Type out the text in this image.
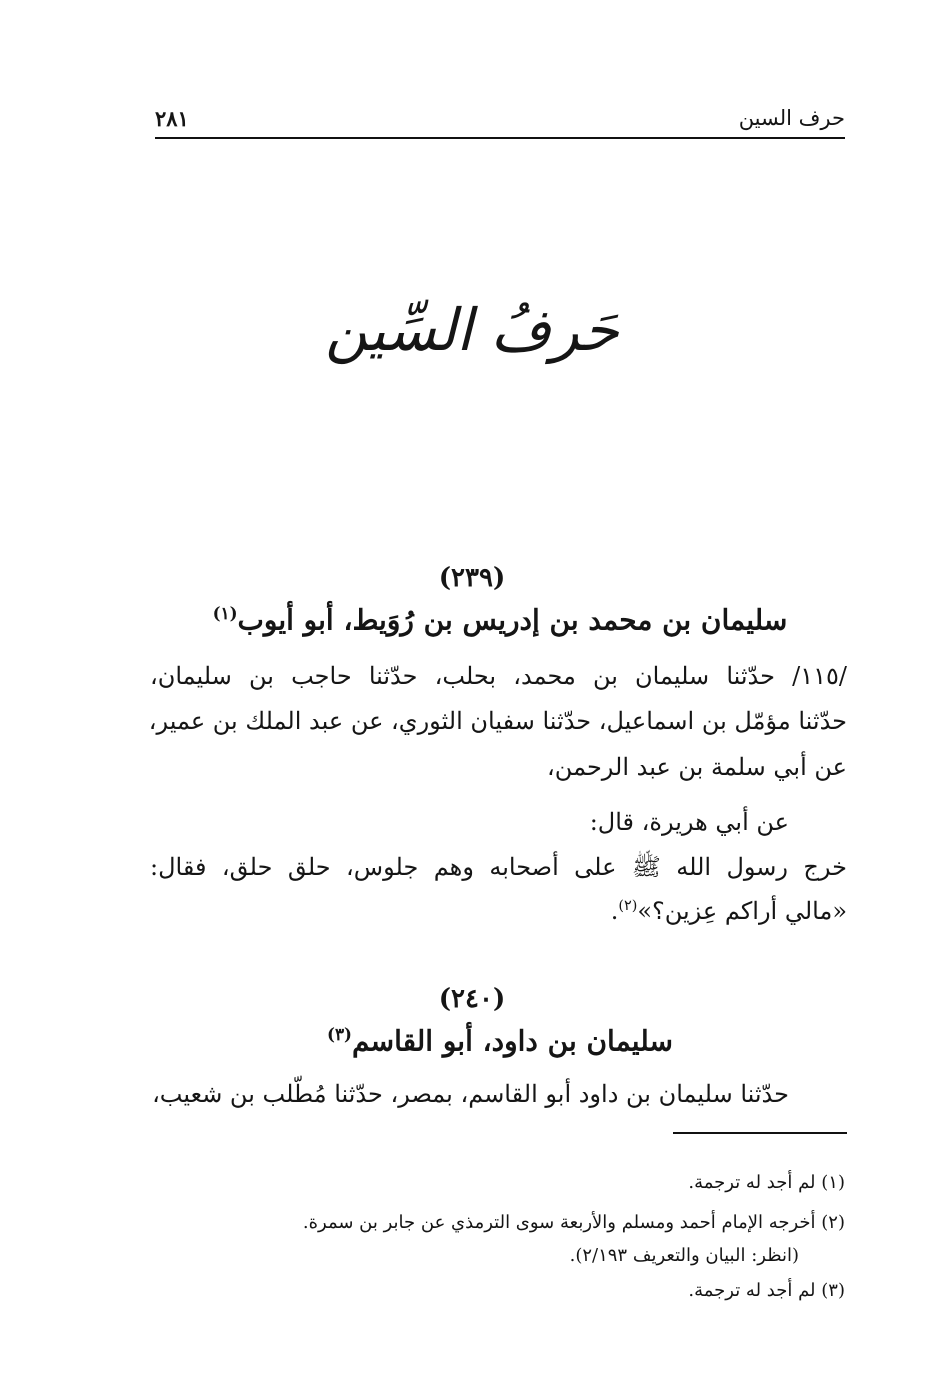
حرف السين
٢٨١
حَرفُ السِّين
(٢٣٩)
سليمان بن محمد بن إدريس بن رُوَيط، أبو أيوب$^{(١)}$
/١١٥/ حدّثنا سليمان بن محمد، بحلب، حدّثنا حاجب بن سليمان،
حدّثنا مؤمّل بن اسماعيل، حدّثنا سفيان الثوري، عن عبد الملك بن عمير،
عن أبي سلمة بن عبد الرحمن،
عن أبي هريرة، قال:
خرج رسول الله ﷺ على أصحابه وهم جلوس، حلق حلق، فقال:
«مالي أراكم عِزين؟»$^{(٢)}$.
(٢٤٠)
سليمان بن داود، أبو القاسم$^{(٣)}$
حدّثنا سليمان بن داود أبو القاسم، بمصر، حدّثنا مُطّلب بن شعيب،
(١) لم أجد له ترجمة.
(٢) أخرجه الإمام أحمد ومسلم والأربعة سوى الترمذي عن جابر بن سمرة.
(انظر: البيان والتعريف ٢/١٩٣).
(٣) لم أجد له ترجمة.
